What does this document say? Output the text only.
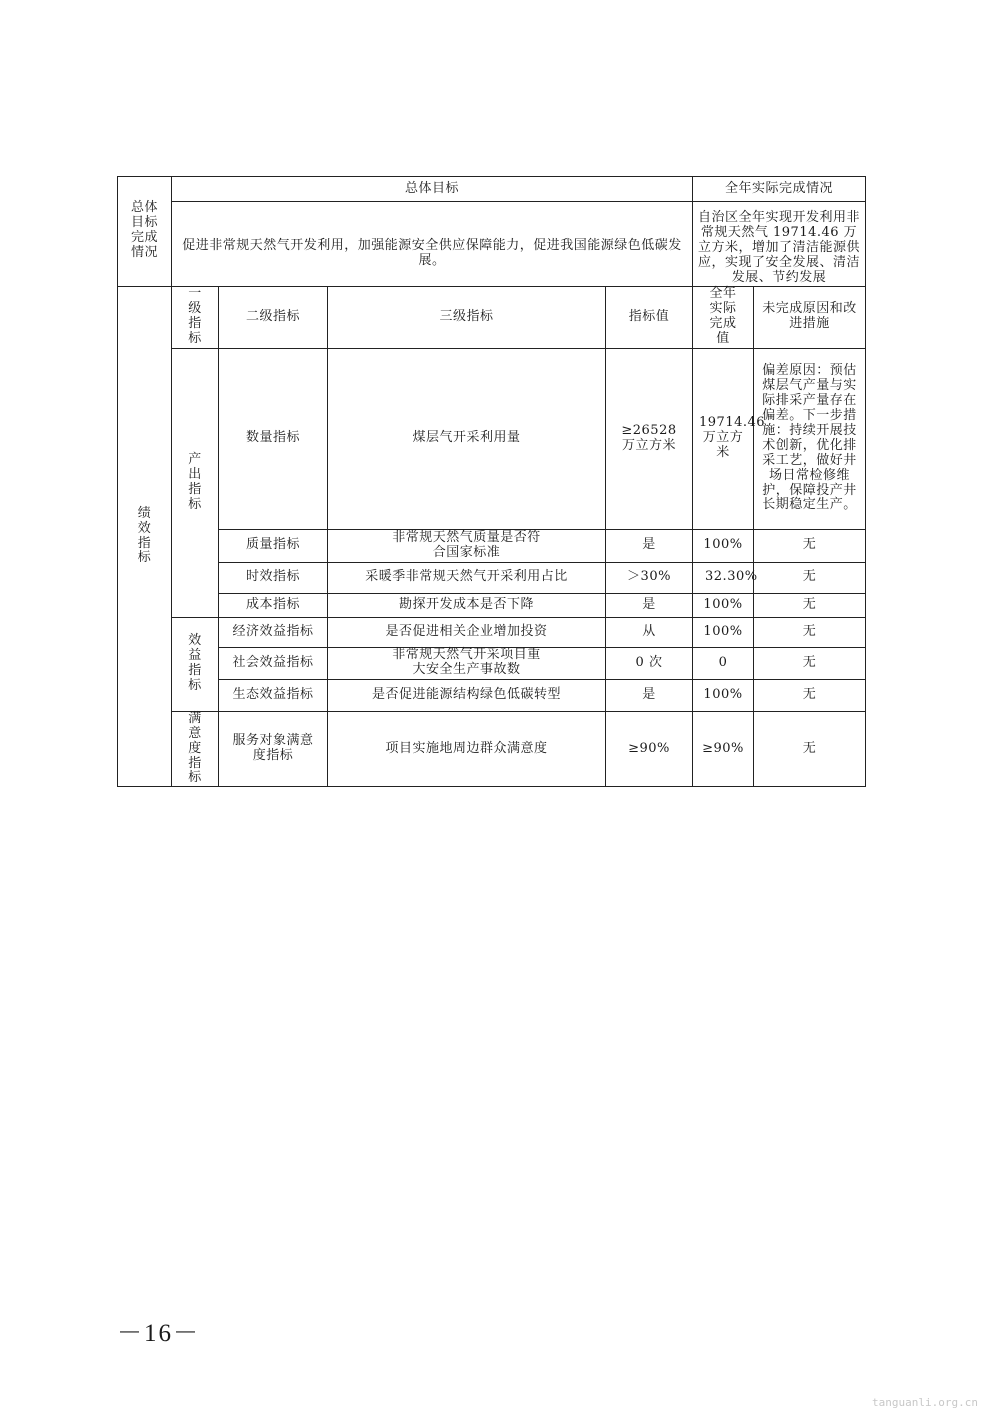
总体目标完成情况	总体目标				全年实际完成情况	
	促进非常规天然气开发利用，加强能源安全供应保障能力，促进我国能源绿色低碳发展。				自治区全年实现开发利用非常规天然气 19714.46 万立方米，增加了清洁能源供应，实现了安全发展、清洁发展、节约发展	
绩效指标	一级指标	二级指标	三级指标	指标值	全年实际完成值	未完成原因和改进措施
	产出指标	数量指标	煤层气开采利用量	≥26528 万立方米	19714.46 万立方米	偏差原因：预估煤层气产量与实际排采产量存在偏差。下一步措施：持续开展技术创新，优化排采工艺，做好井场日常检修维护，保障投产井长期稳定生产。
		质量指标	非常规天然气质量是否符合国家标准	是	100%	无
		时效指标	采暖季非常规天然气开采利用占比	＞30%	32.30%	无
		成本指标	勘探开发成本是否下降	是	100%	无
	效益指标	经济效益指标	是否促进相关企业增加投资	从	100%	无
		社会效益指标	非常规天然气开采项目重大安全生产事故数	0 次	0	无
		生态效益指标	是否促进能源结构绿色低碳转型	是	100%	无
	满意度指标	服务对象满意度指标	项目实施地周边群众满意度	≥90%	≥90%	无
－16－
tanguanli.org.cn
